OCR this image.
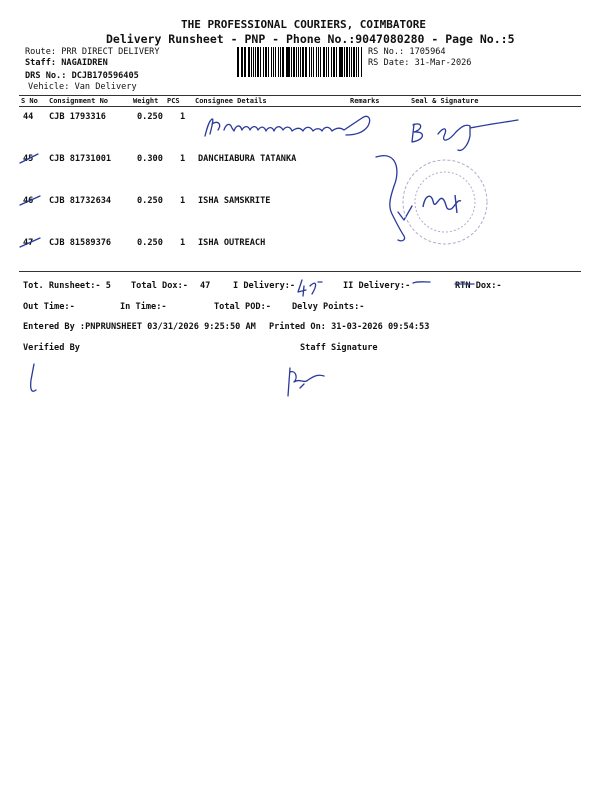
THE PROFESSIONAL COURIERS, COIMBATORE
Delivery Runsheet - PNP - Phone No.:9047080280 - Page No.:5
Route: PRR DIRECT DELIVERY
Staff: NAGAIDREN
DRS No.: DCJB170596405
Vehicle: Van Delivery
RS No.: 1705964
RS Date: 31-Mar-2026
S No Consignment No	Weight PCS Consignee Details	Remarks	Seal & Signature
44 CJB 1793316	0.250 1
45 CJB 81731001	0.300 1 DANCHIABURA TATANKA
46 CJB 81732634	0.250 1 ISHA SAMSKRITE
47 CJB 81589376	0.250 1 ISHA OUTREACH
Tot. Runsheet:- 5 Total Dox:- 47	I Delivery:-	II Delivery:-	RTN Dox:-
Out Time:-	In Time:-	Total POD:- Delvy Points:-
Entered By :PNPRUNSHEET 03/31/2026 9:25:50 AM Printed On: 31-03-2026 09:54:53
Verified By	Staff Signature
